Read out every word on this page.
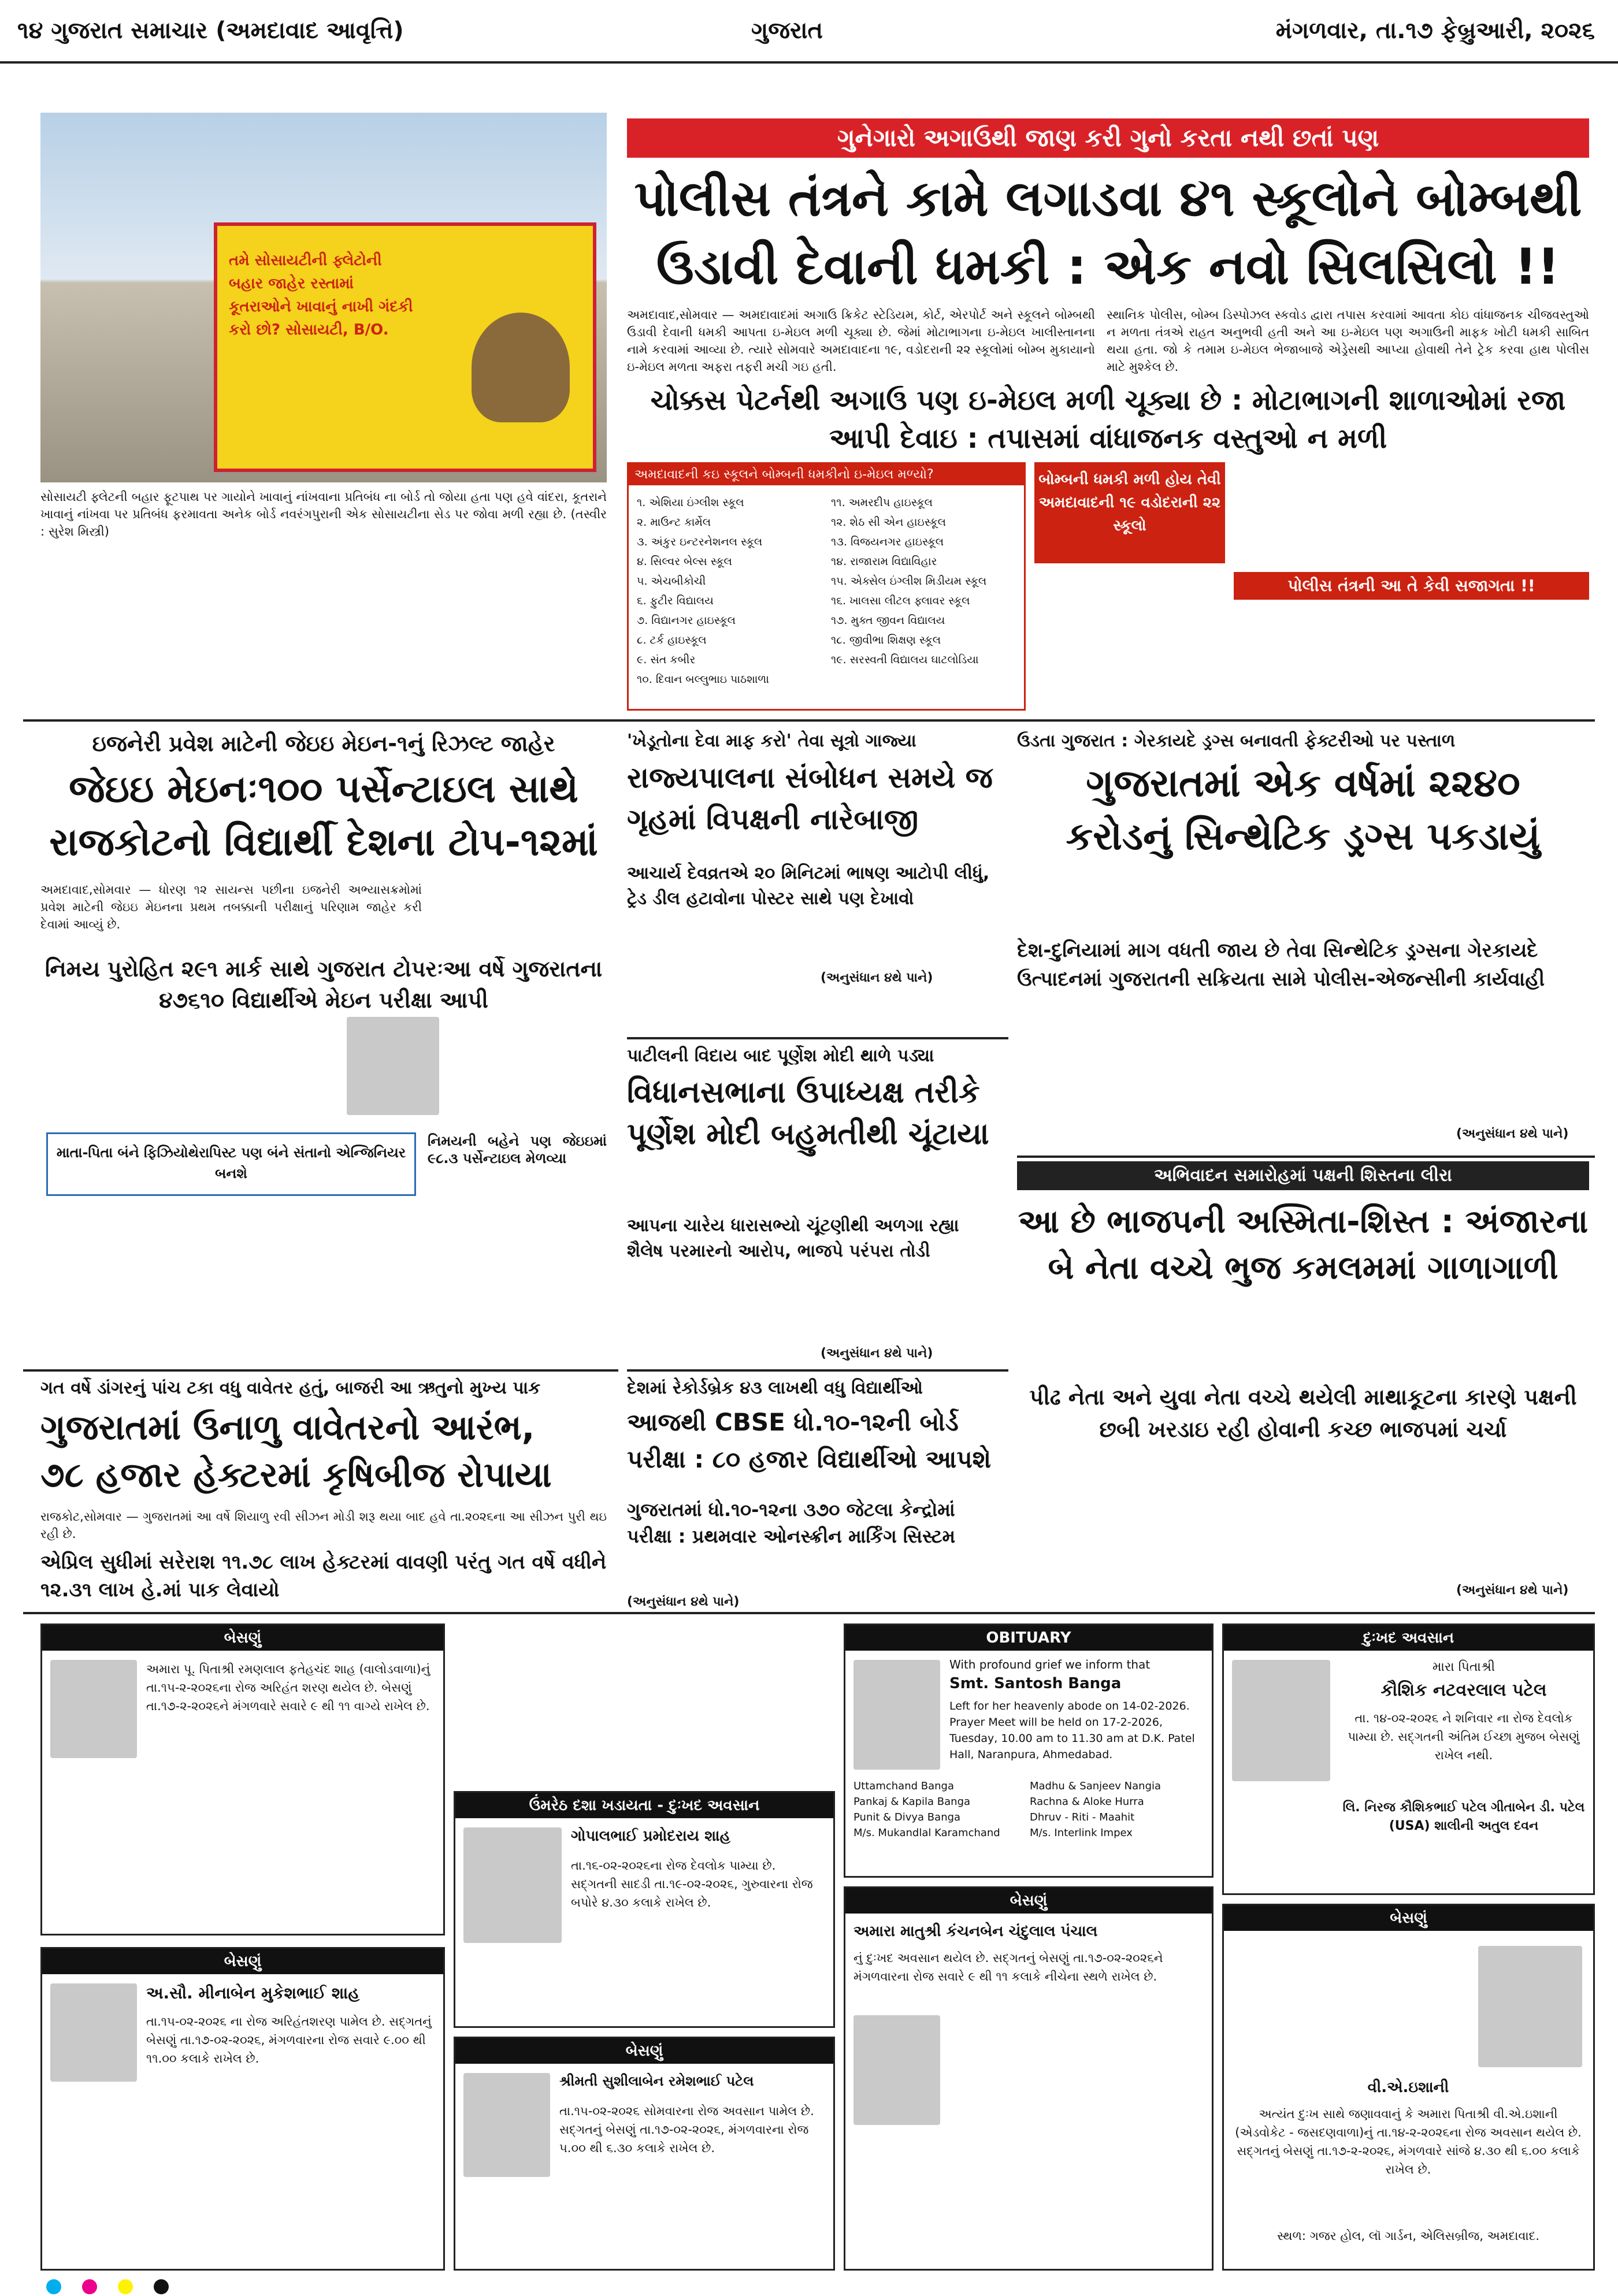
૧૪ ગુજરાત સમાચાર (અમદાવાદ આવૃત્તિ)	ગુજરાત	મંગળવાર, તા.૧૭ ફેબ્રુઆરી, ૨૦૨૬
તમે સોસાયટીની ફ્લેટોની બહાર જાહેર રસ્તામાં કૂતરાઓને ખાવાનું નાખી ગંદકી કરો છો? સોસાયટી, B/O.
સોસાયટી ફ્લેટની બહાર ફૂટપાથ પર ગાયોને ખાવાનું નાંખવાના પ્રતિબંધ ના બોર્ડ તો જોયા હતા પણ હવે વાંદરા, કૂતરાને ખાવાનું નાંખવા પર પ્રતિબંધ ફરમાવતા અનેક બોર્ડ નવરંગપુરાની એક સોસાયટીના સેડ પર જોવા મળી રહ્યા છે. (તસ્વીર : સુરેશ મિસ્ત્રી)
ગુનેગારો અગાઉથી જાણ કરી ગુનો કરતા નથી છતાં પણ
પોલીસ તંત્રને કામે લગાડવા ૪૧ સ્કૂલોને બોમ્બથી
ઉડાવી દેવાની ધમકી : એક નવો સિલસિલો !!
અમદાવાદ,સોમવાર — અમદાવાદમાં અગાઉ ક્રિકેટ સ્ટેડિયમ, કોર્ટ, એરપોર્ટ અને સ્કૂલને બોમ્બથી ઉડાવી દેવાની ધમકી આપતા ઇ-મેઇલ મળી ચૂક્યા છે. જેમાં મોટાભાગના ઇ-મેઇલ ખાલીસ્તાનના નામે કરવામાં આવ્યા છે. ત્યારે સોમવારે અમદાવાદના ૧૯, વડોદરાની ૨૨ સ્કૂલોમાં બોમ્બ મુકાયાનો ઇ-મેઇલ મળતા અફરા તફરી મચી ગઇ હતી.
સ્થાનિક પોલીસ, બોમ્બ ડિસ્પોઝલ સ્કવોડ દ્વારા તપાસ કરવામાં આવતા કોઇ વાંધાજનક ચીજવસ્તુઓ ન મળતા તંત્રએ રાહત અનુભવી હતી અને આ ઇ-મેઇલ પણ અગાઉની માફક ખોટી ધમકી સાબિત થયા હતા. જો કે તમામ ઇ-મેઇલ ભેજાબાજે એડ્રેસથી આપ્યા હોવાથી તેને ટ્રેક કરવા હાથ પોલીસ માટે મુશ્કેલ છે.
ચોક્કસ પેટર્નથી અગાઉ પણ ઇ-મેઇલ મળી ચૂક્યા છે : મોટાભાગની શાળાઓમાં રજા આપી દેવાઇ : તપાસમાં વાંધાજનક વસ્તુઓ ન મળી
અમદાવાદની કઇ સ્કૂલને બોમ્બની ધમકીનો ઇ-મેઇલ મળ્યો?
૧. એશિયા ઇંગ્લીશ સ્કૂલ
૨. માઉન્ટ કાર્મેલ
૩. અંકુર ઇન્ટરનેશનલ સ્કૂલ
૪. સિલ્વર બેલ્સ સ્કૂલ
૫. એચબીકોચી
૬. ફુટીર વિદ્યાલય
૭. વિદ્યાનગર હાઇસ્કૂલ
૮. ટર્ક હાઇસ્કૂલ
૯. સંત કબીર
૧૦. દિવાન બલ્લુભાઇ પાઠશાળા
૧૧. અમરદીપ હાઇસ્કૂલ
૧૨. શેઠ સી એન હાઇસ્કૂલ
૧૩. વિજયનગર હાઇસ્કૂલ
૧૪. રાજારામ વિદ્યાવિહાર
૧૫. એક્સેલ ઇંગ્લીશ મિડીયમ સ્કૂલ
૧૬. ખાલસા લીટલ ફ્લાવર સ્કૂલ
૧૭. મુક્ત જીવન વિદ્યાલય
૧૮. જીવીભા શિક્ષણ સ્કૂલ
૧૯. સરસ્વતી વિદ્યાલય ઘાટલોડિયા
બોમ્બની ધમકી મળી હોય તેવી અમદાવાદની ૧૯ વડોદરાની ૨૨ સ્કૂલો
પોલીસ તંત્રની આ તે કેવી સજાગતા !!
ઇજનેરી પ્રવેશ માટેની જેઇઇ મેઇન-૧નું રિઝલ્ટ જાહેર
જેઇઇ મેઇનઃ૧૦૦ પર્સેન્ટાઇલ સાથે
રાજકોટનો વિદ્યાર્થી દેશના ટોપ-૧૨માં
અમદાવાદ,સોમવાર — ધોરણ ૧૨ સાયન્સ પછીના ઇજનેરી અભ્યાસક્રમોમાં પ્રવેશ માટેની જેઇઇ મેઇનના પ્રથમ તબક્કાની પરીક્ષાનું પરિણામ જાહેર કરી દેવામાં આવ્યું છે.
નિમય પુરોહિત ૨૯૧ માર્ક સાથે ગુજરાત ટોપરઃઆ વર્ષે ગુજરાતના ૪૭૬૧૦ વિદ્યાર્થીએ મેઇન પરીક્ષા આપી
માતા-પિતા બંને ફિઝિયોથેરાપિસ્ટ પણ બંને સંતાનો એન્જિનિયર બનશે
નિમયની બહેને પણ જેઇઇમાં ૯૮.૩ પર્સેન્ટાઇલ મેળવ્યા
ગત વર્ષે ડાંગરનું પાંચ ટકા વધુ વાવેતર હતું, બાજરી આ ઋતુનો મુખ્ય પાક
ગુજરાતમાં ઉનાળુ વાવેતરનો આરંભ,
૭૮ હજાર હેક્ટરમાં કૃષિબીજ રોપાયા
રાજકોટ,સોમવાર — ગુજરાતમાં આ વર્ષે શિયાળુ રવી સીઝન મોડી શરૂ થયા બાદ હવે તા.૨૦૨૬ના આ સીઝન પુરી થઇ રહી છે.
એપ્રિલ સુધીમાં સરેરાશ ૧૧.૭૮ લાખ હેક્ટરમાં વાવણી પરંતુ ગત વર્ષે વધીને ૧૨.૩૧ લાખ હે.માં પાક લેવાયો
'ખેડૂતોના દેવા માફ કરો' તેવા સૂત્રો ગાજ્યા
રાજ્યપાલના સંબોધન સમયે જ ગૃહમાં વિપક્ષની નારેબાજી
આચાર્ય દેવવ્રતએ ૨૦ મિનિટમાં ભાષણ આટોપી લીધું, ટ્રેડ ડીલ હટાવોના પોસ્ટર સાથે પણ દેખાવો
(અનુસંધાન ૪થે પાને)
પાટીલની વિદાય બાદ પૂર્ણેશ મોદી થાળે પડ્યા
વિધાનસભાના ઉપાધ્યક્ષ તરીકે પૂર્ણેશ મોદી બહુમતીથી ચૂંટાયા
આપના ચારેય ધારાસભ્યો ચૂંટણીથી અળગા રહ્યા શૈલેષ પરમારનો આરોપ, ભાજપે પરંપરા તોડી
(અનુસંધાન ૪થે પાને)
દેશમાં રેકોર્ડબ્રેક ૪૩ લાખથી વધુ વિદ્યાર્થીઓ
આજથી CBSE ધો.૧૦-૧૨ની બોર્ડ પરીક્ષા : ૮૦ હજાર વિદ્યાર્થીઓ આપશે
ગુજરાતમાં ધો.૧૦-૧૨ના ૩૭૦ જેટલા કેન્દ્રોમાં પરીક્ષા : પ્રથમવાર ઓનસ્ક્રીન માર્કિંગ સિસ્ટમ
(અનુસંધાન ૪થે પાને)
ઉડતા ગુજરાત : ગેરકાયદે ડ્રગ્સ બનાવતી ફેક્ટરીઓ પર પસ્તાળ
ગુજરાતમાં એક વર્ષમાં ૨૨૪૦
કરોડનું સિન્થેટિક ડ્રગ્સ પકડાયું
દેશ-દુનિયામાં માગ વધતી જાય છે તેવા સિન્થેટિક ડ્રગ્સના ગેરકાયદે ઉત્પાદનમાં ગુજરાતની સક્રિયતા સામે પોલીસ-એજન્સીની કાર્યવાહી
(અનુસંધાન ૪થે પાને)
અભિવાદન સમારોહમાં પક્ષની શિસ્તના લીરા
આ છે ભાજપની અસ્મિતા-શિસ્ત : અંજારના
બે નેતા વચ્ચે ભુજ કમલમમાં ગાળાગાળી
પીઢ નેતા અને યુવા નેતા વચ્ચે થયેલી માથાકૂટના કારણે પક્ષની છબી ખરડાઇ રહી હોવાની કચ્છ ભાજપમાં ચર્ચા
(અનુસંધાન ૪થે પાને)
બેસણું
અમારા પૂ. પિતાશ્રી રમણલાલ ફતેહચંદ શાહ (વાલોડવાળા)નું તા.૧૫-૨-૨૦૨૬ના રોજ અરિહંત શરણ થયેલ છે. બેસણું તા.૧૭-૨-૨૦૨૬ને મંગળવારે સવારે ૯ થી ૧૧ વાગ્યે રાખેલ છે.
બેસણું
અ.સૌ. મીનાબેન મુકેશભાઈ શાહ
તા.૧૫-૦૨-૨૦૨૬ ના રોજ અરિહંતશરણ પામેલ છે. સદ્ગતનું બેસણું તા.૧૭-૦૨-૨૦૨૬, મંગળવારના રોજ સવારે ૯.૦૦ થી ૧૧.૦૦ કલાકે રાખેલ છે.
ઉંમરેઠ દશા ખડાયતા - દુઃખદ અવસાન
ગોપાલભાઈ પ્રમોદરાય શાહ
તા.૧૬-૦૨-૨૦૨૬ના રોજ દેવલોક પામ્યા છે. સદ્ગતની સાદડી તા.૧૯-૦૨-૨૦૨૬, ગુરુવારના રોજ બપોરે ૪.૩૦ કલાકે રાખેલ છે.
બેસણું
શ્રીમતી સુશીલાબેન રમેશભાઈ પટેલ
તા.૧૫-૦૨-૨૦૨૬ સોમવારના રોજ અવસાન પામેલ છે. સદ્ગતનું બેસણું તા.૧૭-૦૨-૨૦૨૬, મંગળવારના રોજ ૫.૦૦ થી ૬.૩૦ કલાકે રાખેલ છે.
OBITUARY
With profound grief we inform that
Smt. Santosh Banga
Left for her heavenly abode on 14-02-2026. Prayer Meet will be held on 17-2-2026, Tuesday, 10.00 am to 11.30 am at D.K. Patel Hall, Naranpura, Ahmedabad.
Uttamchand Banga	Madhu & Sanjeev Nangia
Pankaj & Kapila Banga	Rachna & Aloke Hurra
Punit & Divya Banga	Dhruv - Riti - Maahit
M/s. Mukandlal Karamchand	M/s. Interlink Impex
બેસણું
અમારા માતુશ્રી કંચનબેન ચંદુલાલ પંચાલ
નું દુઃખદ અવસાન થયેલ છે. સદ્ગતનું બેસણું તા.૧૭-૦૨-૨૦૨૬ને મંગળવારના રોજ સવારે ૯ થી ૧૧ કલાકે નીચેના સ્થળે રાખેલ છે.
દુઃખદ અવસાન
મારા પિતાશ્રી
કૌશિક નટવરલાલ પટેલ
તા. ૧૪-૦૨-૨૦૨૬ ને શનિવાર ના રોજ દેવલોક પામ્યા છે. સદ્ગતની અંતિમ ઈચ્છા મુજબ બેસણું રાખેલ નથી.
લિ. નિરજ કૌશિકભાઈ પટેલ ગીતાબેન ડી. પટેલ (USA) શાલીની અતુલ દવન
બેસણું
વી.એ.ઇશાની
અત્યંત દુઃખ સાથે જણાવવાનું કે અમારા પિતાશ્રી વી.એ.ઇશાની (એડવોકેટ - જસદણવાળા)નું તા.૧૪-૨-૨૦૨૬ના રોજ અવસાન થયેલ છે. સદ્ગતનું બેસણું તા.૧૭-૨-૨૦૨૬, મંગળવારે સાંજે ૪.૩૦ થી ૬.૦૦ કલાકે રાખેલ છે.
સ્થળ: ગજર હોલ, લૉ ગાર્ડન, એલિસબ્રીજ, અમદાવાદ.
